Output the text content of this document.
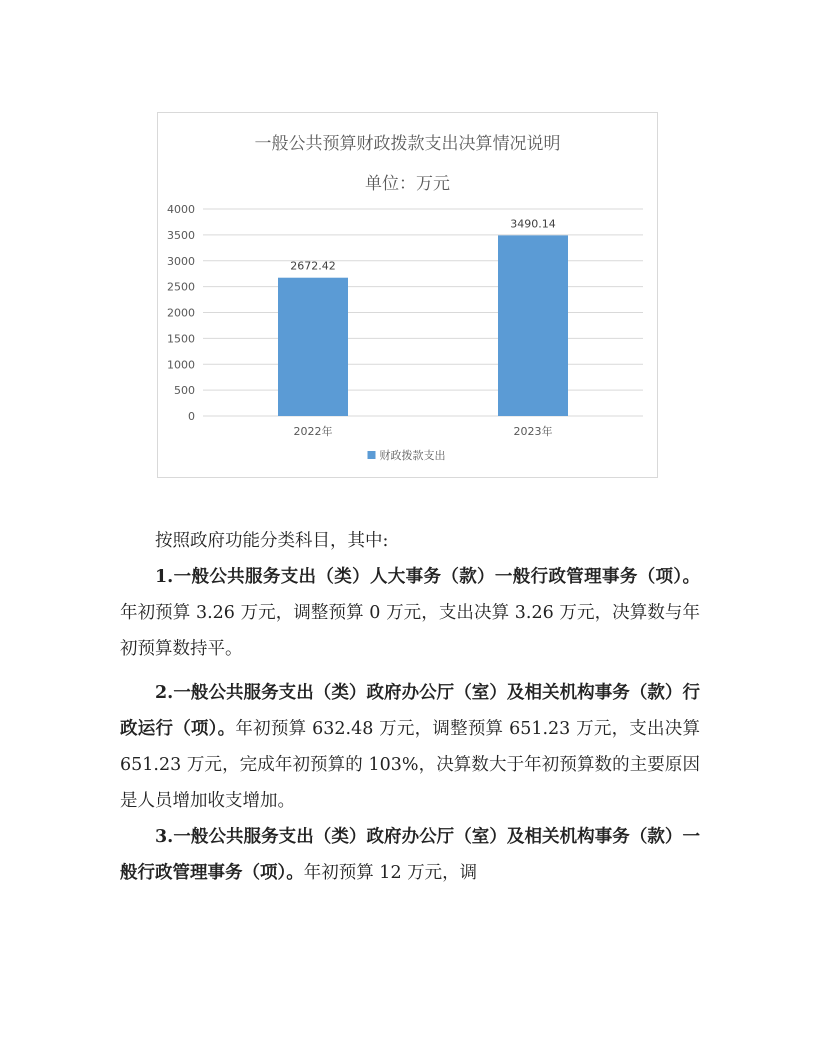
一般公共预算财政拨款支出决算情况说明
单位：万元
0
500
1000
1500
2000
2500
3000
3500
4000
2672.42
2022年
3490.14
2023年
财政拨款支出

按照政府功能分类科目，其中:

1.一般公共服务支出（类）人大事务（款）一般行政管理事务（项）。年初预算 3.26 万元，调整预算 0 万元，支出决算 3.26 万元，决算数与年初预算数持平。

2.一般公共服务支出（类）政府办公厅（室）及相关机构事务（款）行政运行（项）。年初预算 632.48 万元，调整预算 651.23 万元，支出决算 651.23 万元，完成年初预算的 103%，决算数大于年初预算数的主要原因是人员增加收支增加。

3.一般公共服务支出（类）政府办公厅（室）及相关机构事务（款）一般行政管理事务（项）。年初预算 12 万元，调
